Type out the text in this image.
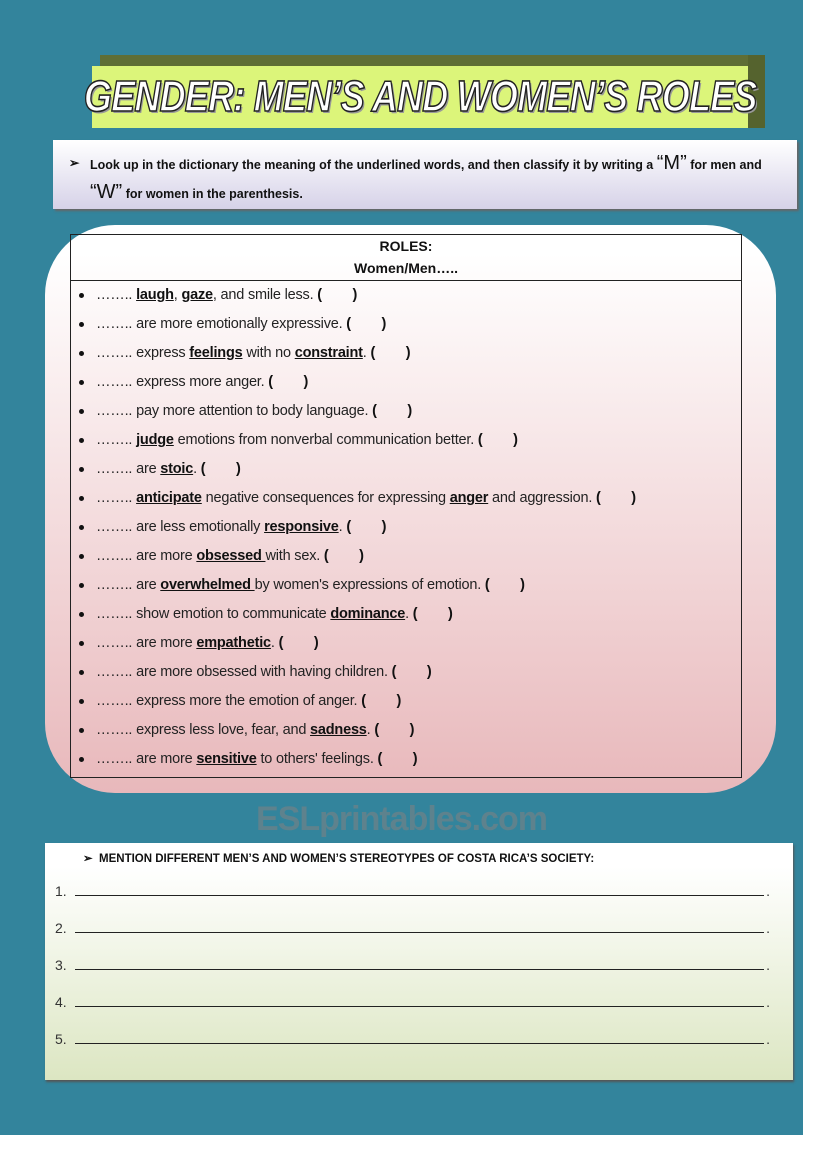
GENDER: MEN’S AND WOMEN’S ROLES
➢ Look up in the dictionary the meaning of the underlined words, and then classify it by writing a “M” for men and “W” for women in the parenthesis.
ROLES:
Women/Men…..
…….. laugh, gaze, and smile less. (        )
…….. are more emotionally expressive. (        )
…….. express feelings with no constraint. (        )
…….. express more anger. (        )
…….. pay more attention to body language. (        )
…….. judge emotions from nonverbal communication better. (        )
…….. are stoic. (        )
…….. anticipate negative consequences for expressing anger and aggression. (        )
…….. are less emotionally responsive. (        )
…….. are more obsessed with sex. (        )
…….. are overwhelmed by women's expressions of emotion. (        )
…….. show emotion to communicate dominance. (        )
…….. are more empathetic. (        )
…….. are more obsessed with having children. (        )
…….. express more the emotion of anger. (        )
…….. express less love, fear, and sadness. (        )
…….. are more sensitive to others' feelings. (        )
ESLprintables.com
➢ MENTION DIFFERENT MEN’S AND WOMEN’S STEREOTYPES OF COSTA RICA’S SOCIETY:
1.	.
2.	.
3.	.
4.	.
5.	.
